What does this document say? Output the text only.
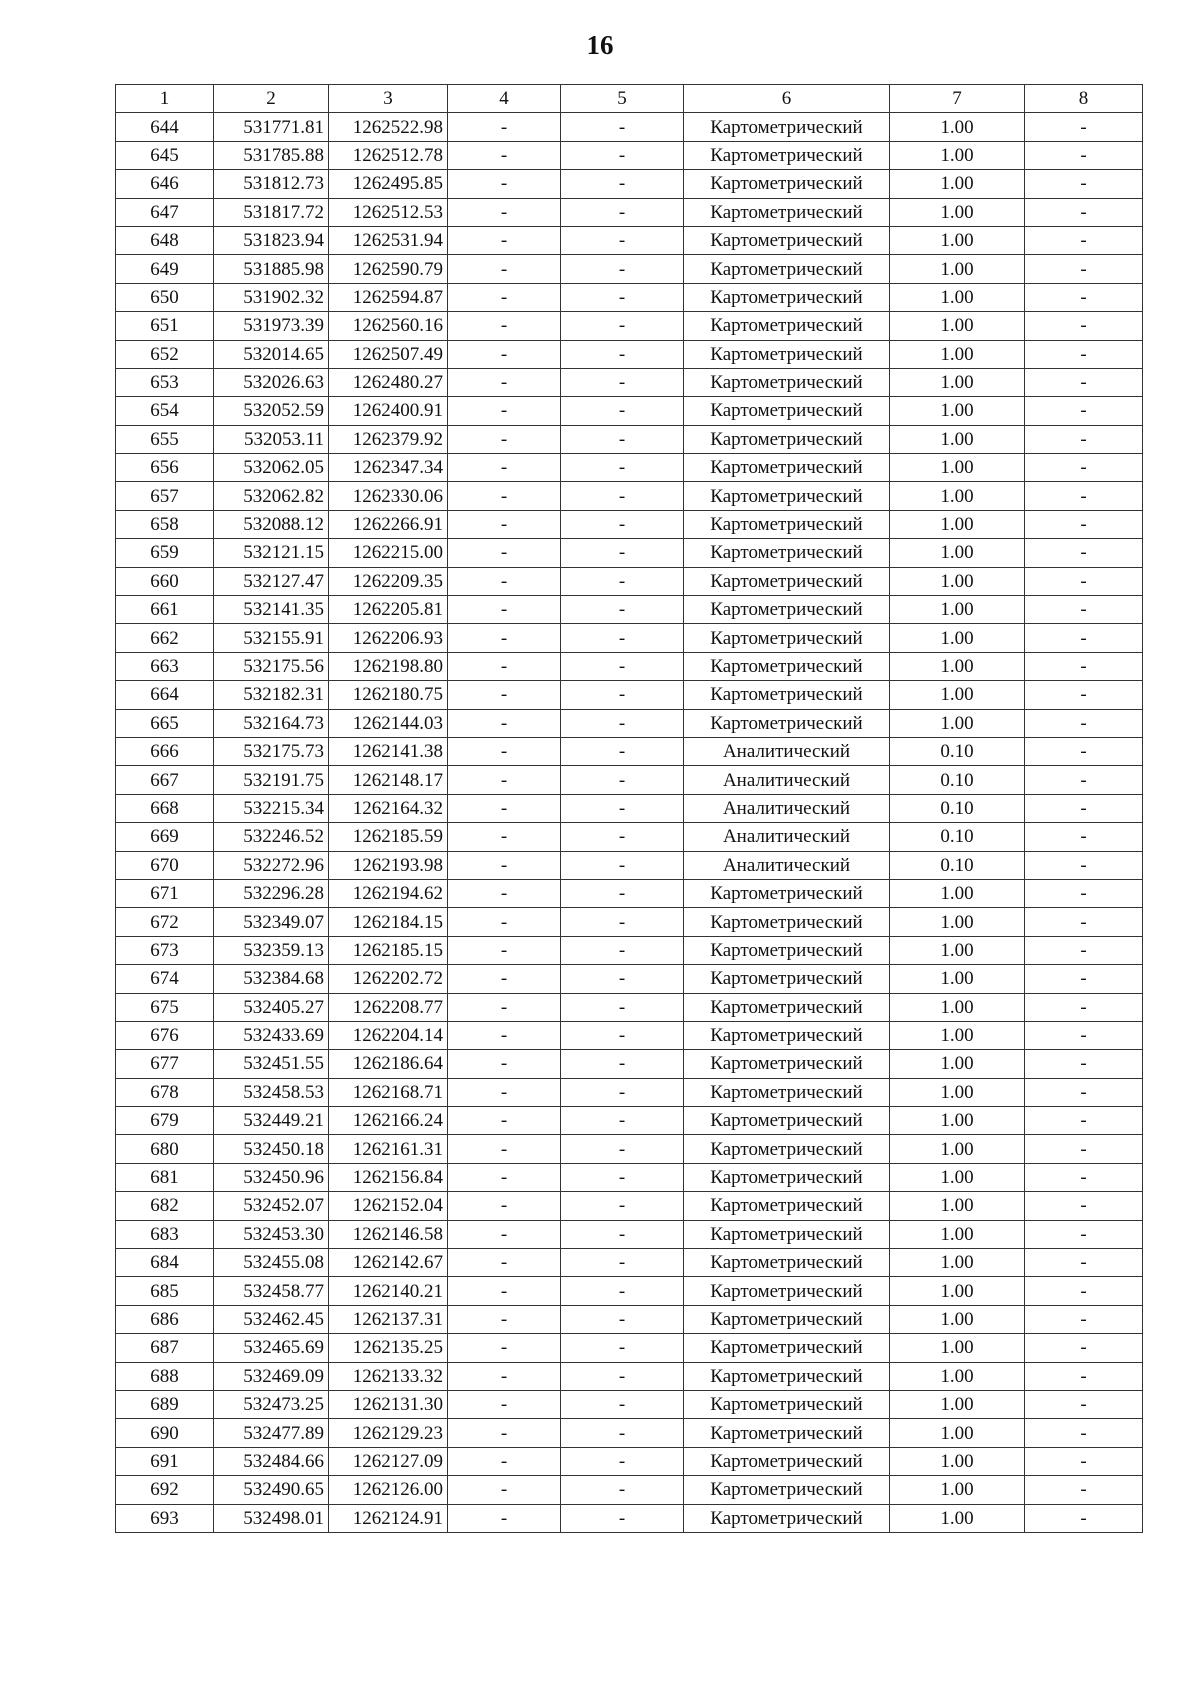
16
1	2	3	4	5	6	7	8
644	531771.81	1262522.98	-	-	Картометрический	1.00	-
645	531785.88	1262512.78	-	-	Картометрический	1.00	-
646	531812.73	1262495.85	-	-	Картометрический	1.00	-
647	531817.72	1262512.53	-	-	Картометрический	1.00	-
648	531823.94	1262531.94	-	-	Картометрический	1.00	-
649	531885.98	1262590.79	-	-	Картометрический	1.00	-
650	531902.32	1262594.87	-	-	Картометрический	1.00	-
651	531973.39	1262560.16	-	-	Картометрический	1.00	-
652	532014.65	1262507.49	-	-	Картометрический	1.00	-
653	532026.63	1262480.27	-	-	Картометрический	1.00	-
654	532052.59	1262400.91	-	-	Картометрический	1.00	-
655	532053.11	1262379.92	-	-	Картометрический	1.00	-
656	532062.05	1262347.34	-	-	Картометрический	1.00	-
657	532062.82	1262330.06	-	-	Картометрический	1.00	-
658	532088.12	1262266.91	-	-	Картометрический	1.00	-
659	532121.15	1262215.00	-	-	Картометрический	1.00	-
660	532127.47	1262209.35	-	-	Картометрический	1.00	-
661	532141.35	1262205.81	-	-	Картометрический	1.00	-
662	532155.91	1262206.93	-	-	Картометрический	1.00	-
663	532175.56	1262198.80	-	-	Картометрический	1.00	-
664	532182.31	1262180.75	-	-	Картометрический	1.00	-
665	532164.73	1262144.03	-	-	Картометрический	1.00	-
666	532175.73	1262141.38	-	-	Аналитический	0.10	-
667	532191.75	1262148.17	-	-	Аналитический	0.10	-
668	532215.34	1262164.32	-	-	Аналитический	0.10	-
669	532246.52	1262185.59	-	-	Аналитический	0.10	-
670	532272.96	1262193.98	-	-	Аналитический	0.10	-
671	532296.28	1262194.62	-	-	Картометрический	1.00	-
672	532349.07	1262184.15	-	-	Картометрический	1.00	-
673	532359.13	1262185.15	-	-	Картометрический	1.00	-
674	532384.68	1262202.72	-	-	Картометрический	1.00	-
675	532405.27	1262208.77	-	-	Картометрический	1.00	-
676	532433.69	1262204.14	-	-	Картометрический	1.00	-
677	532451.55	1262186.64	-	-	Картометрический	1.00	-
678	532458.53	1262168.71	-	-	Картометрический	1.00	-
679	532449.21	1262166.24	-	-	Картометрический	1.00	-
680	532450.18	1262161.31	-	-	Картометрический	1.00	-
681	532450.96	1262156.84	-	-	Картометрический	1.00	-
682	532452.07	1262152.04	-	-	Картометрический	1.00	-
683	532453.30	1262146.58	-	-	Картометрический	1.00	-
684	532455.08	1262142.67	-	-	Картометрический	1.00	-
685	532458.77	1262140.21	-	-	Картометрический	1.00	-
686	532462.45	1262137.31	-	-	Картометрический	1.00	-
687	532465.69	1262135.25	-	-	Картометрический	1.00	-
688	532469.09	1262133.32	-	-	Картометрический	1.00	-
689	532473.25	1262131.30	-	-	Картометрический	1.00	-
690	532477.89	1262129.23	-	-	Картометрический	1.00	-
691	532484.66	1262127.09	-	-	Картометрический	1.00	-
692	532490.65	1262126.00	-	-	Картометрический	1.00	-
693	532498.01	1262124.91	-	-	Картометрический	1.00	-
